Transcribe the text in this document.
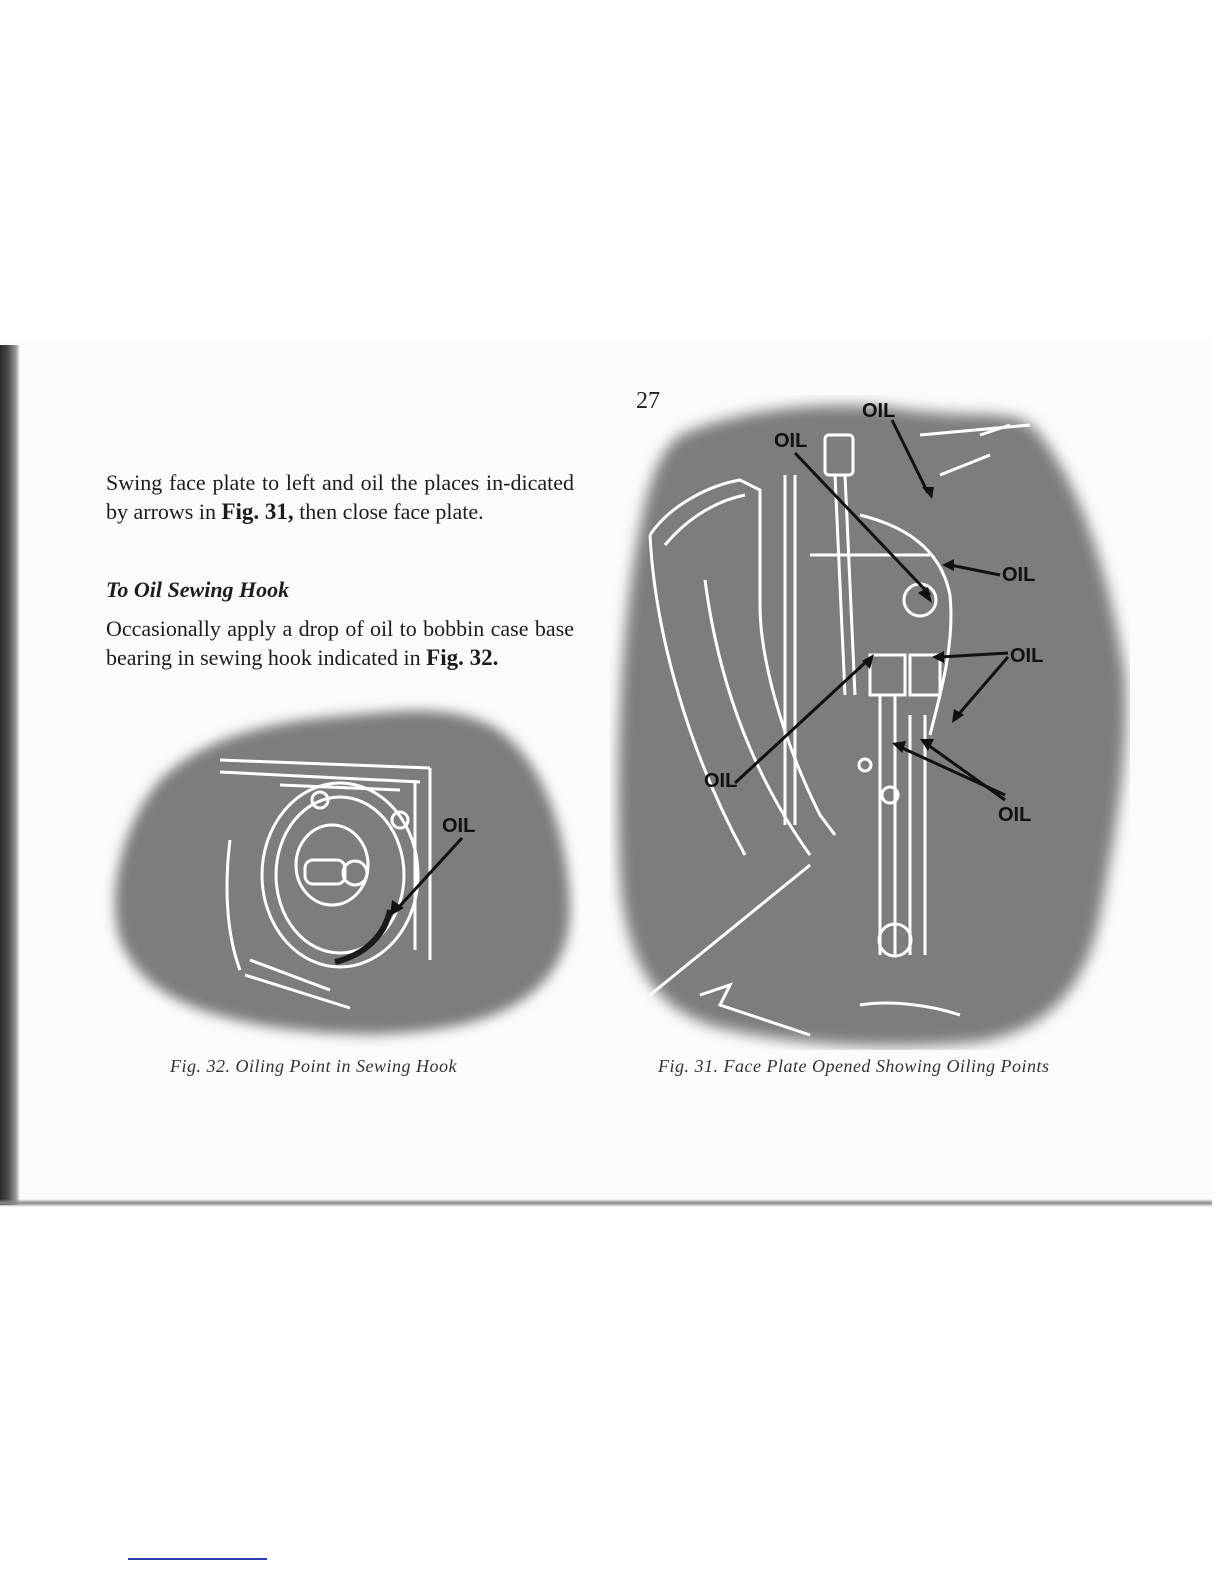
27

Swing face plate to left and oil the places in-dicated by arrows in Fig. 31, then close face plate.

To Oil Sewing Hook

Occasionally apply a drop of oil to bobbin case base bearing in sewing hook indicated in Fig. 32.

OIL
Fig. 32. Oiling Point in Sewing Hook
OIL
OIL
OIL
OIL
OIL
OIL
Fig. 31. Face Plate Opened Showing Oiling Points
